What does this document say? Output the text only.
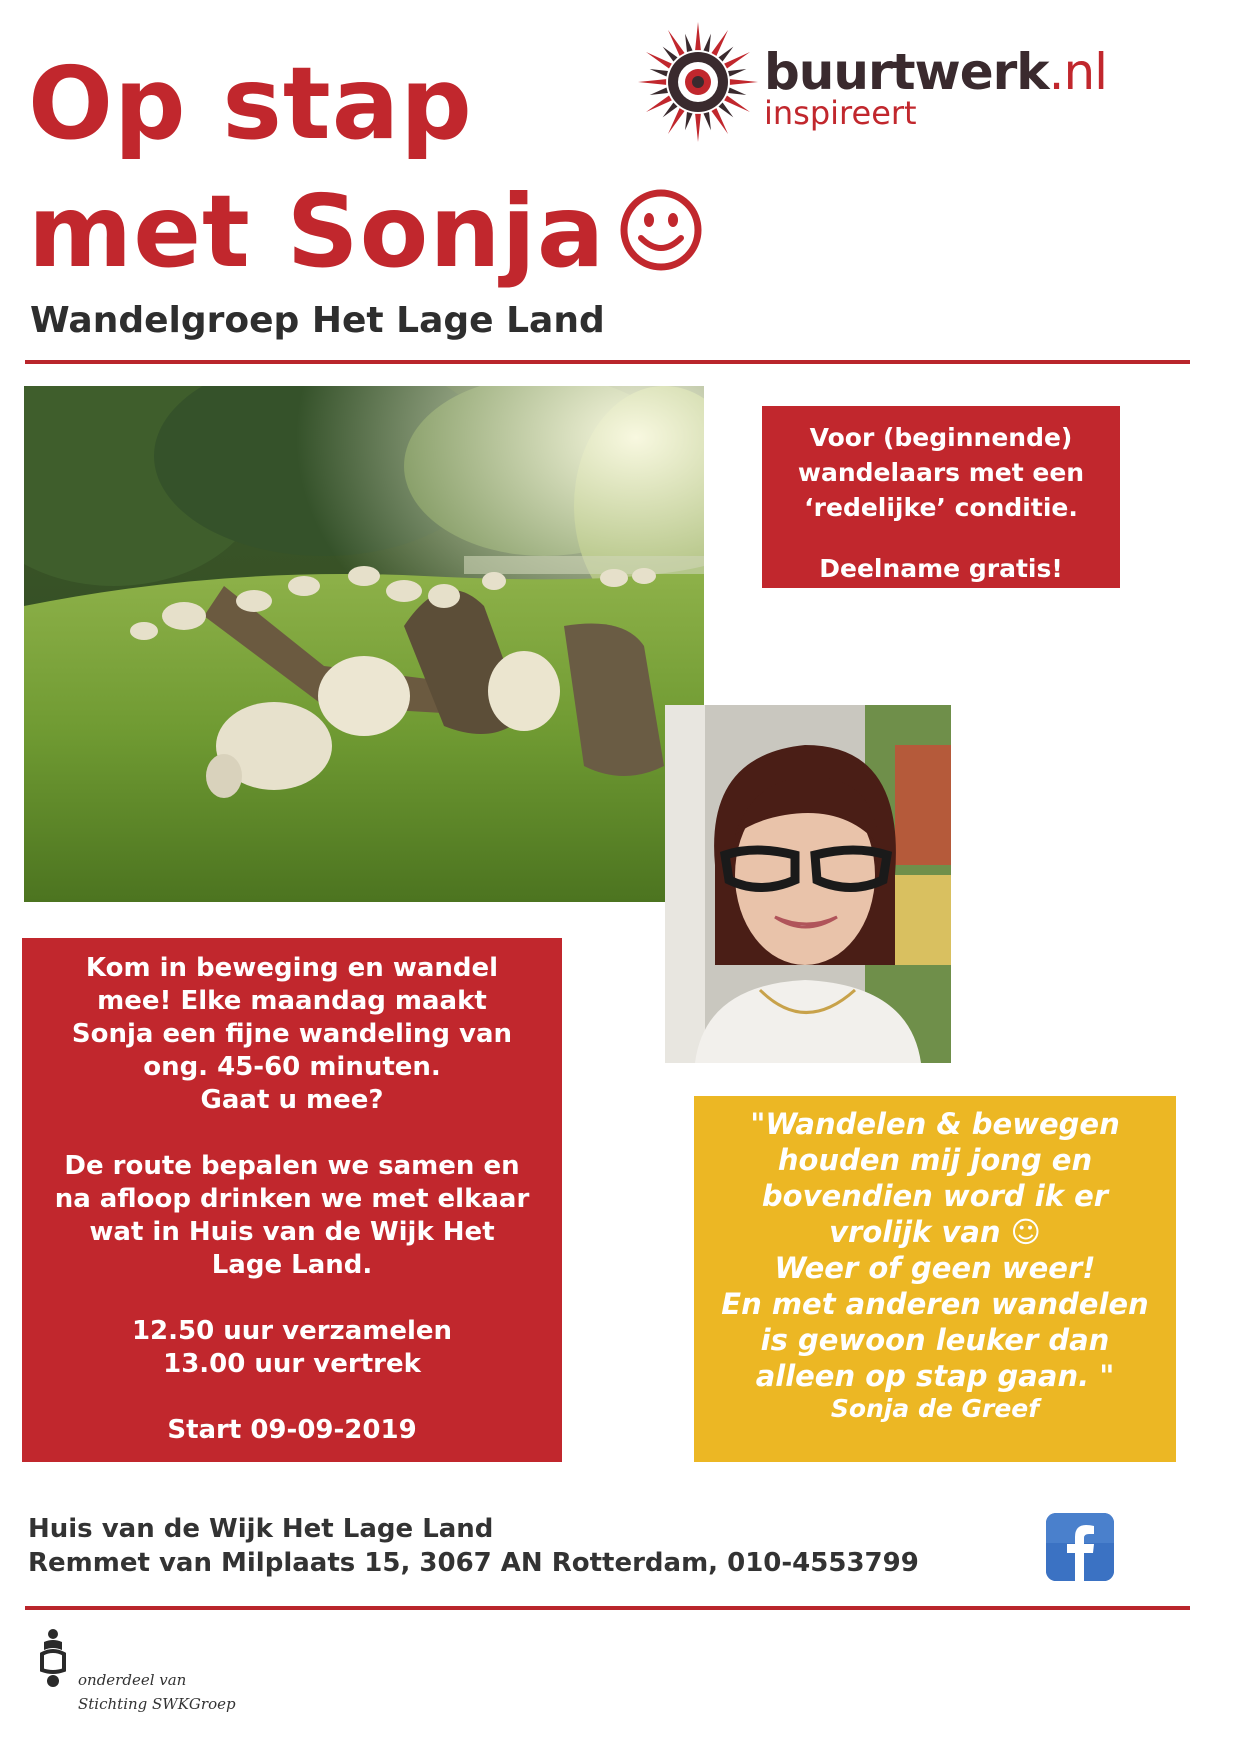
Op stap
met Sonja
buurtwerk.nl
inspireert
Wandelgroep Het Lage Land
Voor (beginnende)
wandelaars met een
‘redelijke’ conditie.
Deelname gratis!
Kom in beweging en wandel
mee! Elke maandag maakt
Sonja een fijne wandeling van
ong. 45-60 minuten.
Gaat u mee?
De route bepalen we samen en
na afloop drinken we met elkaar
wat in Huis van de Wijk Het
Lage Land.
12.50 uur verzamelen
13.00 uur vertrek
Start 09-09-2019
"Wandelen & bewegen
houden mij jong en
bovendien word ik er
vrolijk van ☺
Weer of geen weer!
En met anderen wandelen
is gewoon leuker dan
alleen op stap gaan. "
Sonja de Greef
Huis van de Wijk Het Lage Land
Remmet van Milplaats 15, 3067 AN Rotterdam, 010-4553799
onderdeel van
Stichting SWKGroep
